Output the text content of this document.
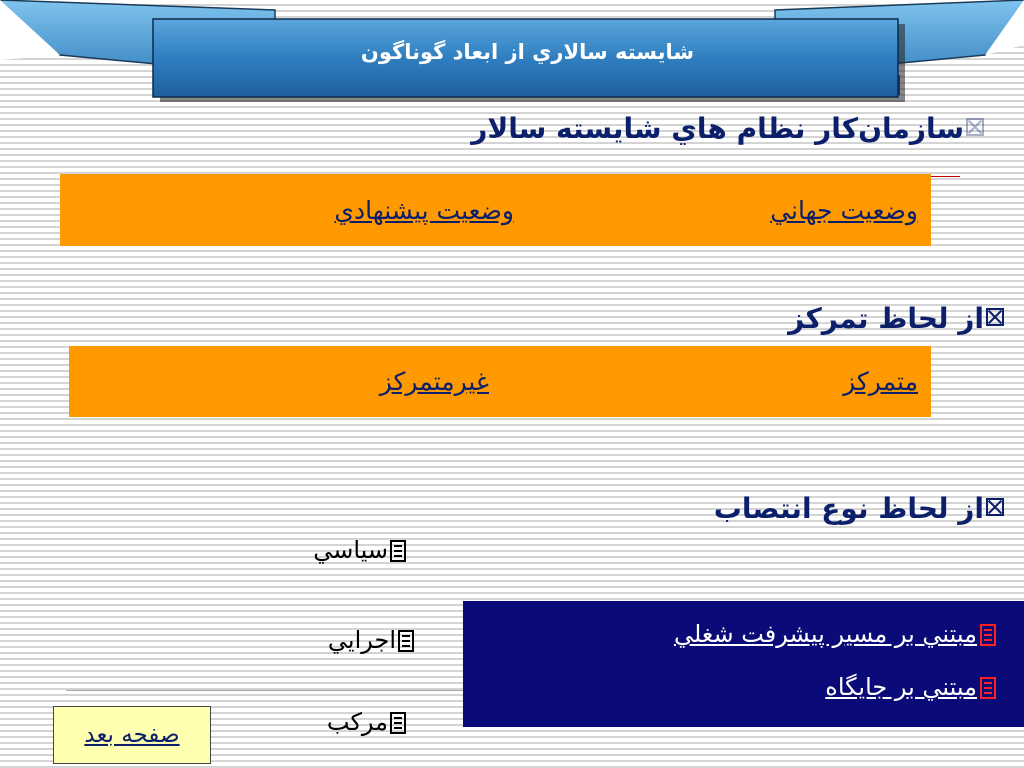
شايسته سالاري از ابعاد گوناگون
سازمان‌كار نظام هاي شايسته سالار
وضعيت جهاني
وضعيت پيشنهادي
از لحاظ تمركز
متمركز
غيرمتمركز
از لحاظ نوع انتصاب
سياسي
اجرايي
مركب
مبتني بر مسير پيشرفت شغلي
مبتني بر جايگاه
صفحه بعد
